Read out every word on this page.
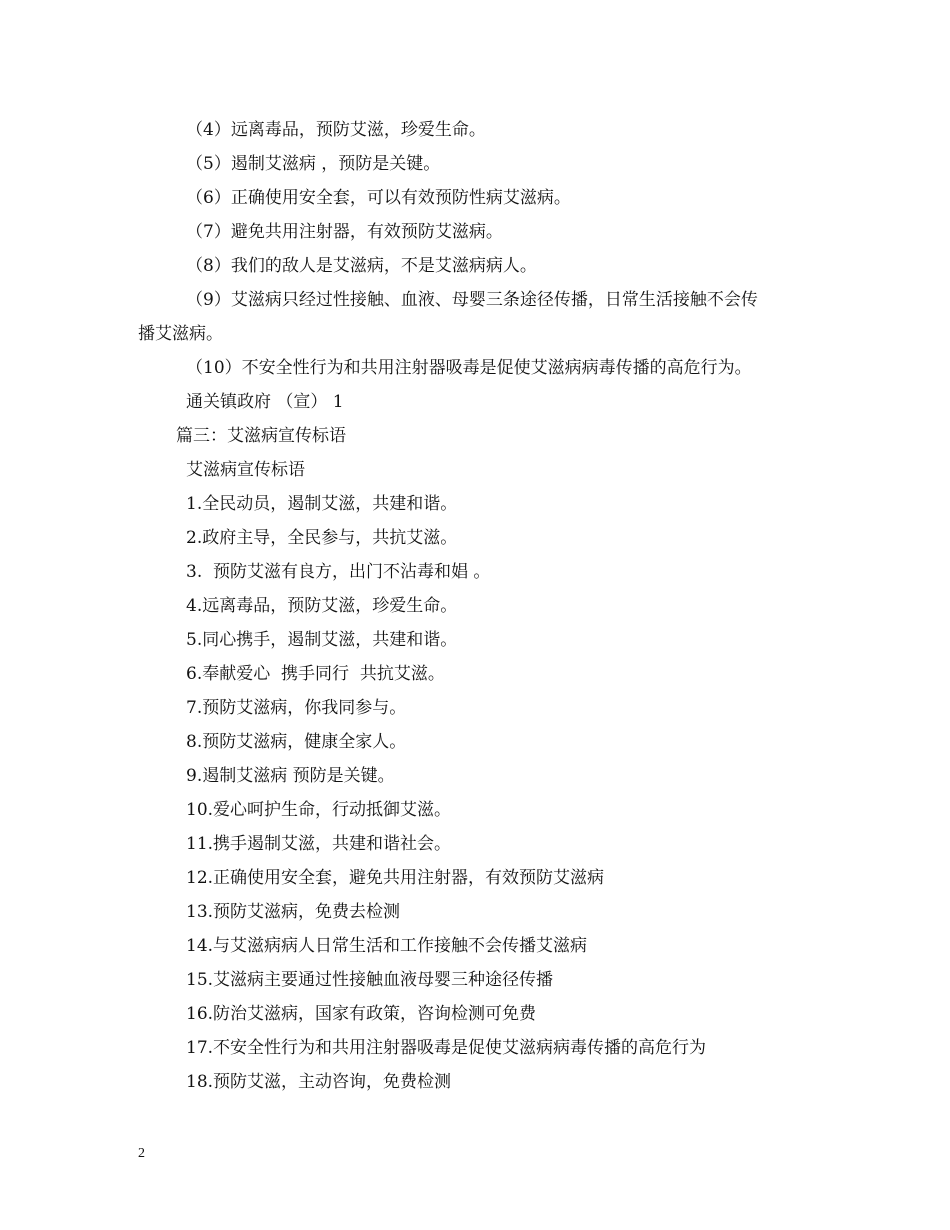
（4）远离毒品，预防艾滋，珍爱生命。
（5）遏制艾滋病 ，预防是关键。
（6）正确使用安全套，可以有效预防性病艾滋病。
（7）避免共用注射器，有效预防艾滋病。
（8）我们的敌人是艾滋病，不是艾滋病病人。
（9）艾滋病只经过性接触、血液、母婴三条途径传播，日常生活接触不会传
播艾滋病。
（10）不安全性行为和共用注射器吸毒是促使艾滋病病毒传播的高危行为。
通关镇政府 （宣） 1
篇三：艾滋病宣传标语
艾滋病宣传标语
1.全民动员，遏制艾滋，共建和谐。
2.政府主导，全民参与，共抗艾滋。
3.  预防艾滋有良方，出门不沾毒和娼 。
4.远离毒品，预防艾滋，珍爱生命。
5.同心携手，遏制艾滋，共建和谐。
6.奉献爱心  携手同行  共抗艾滋。
7.预防艾滋病，你我同参与。
8.预防艾滋病，健康全家人。
9.遏制艾滋病 预防是关键。
10.爱心呵护生命，行动抵御艾滋。
11.携手遏制艾滋，共建和谐社会。
12.正确使用安全套，避免共用注射器，有效预防艾滋病
13.预防艾滋病，免费去检测
14.与艾滋病病人日常生活和工作接触不会传播艾滋病
15.艾滋病主要通过性接触血液母婴三种途径传播
16.防治艾滋病，国家有政策，咨询检测可免费
17.不安全性行为和共用注射器吸毒是促使艾滋病病毒传播的高危行为
18.预防艾滋，主动咨询，免费检测
2
